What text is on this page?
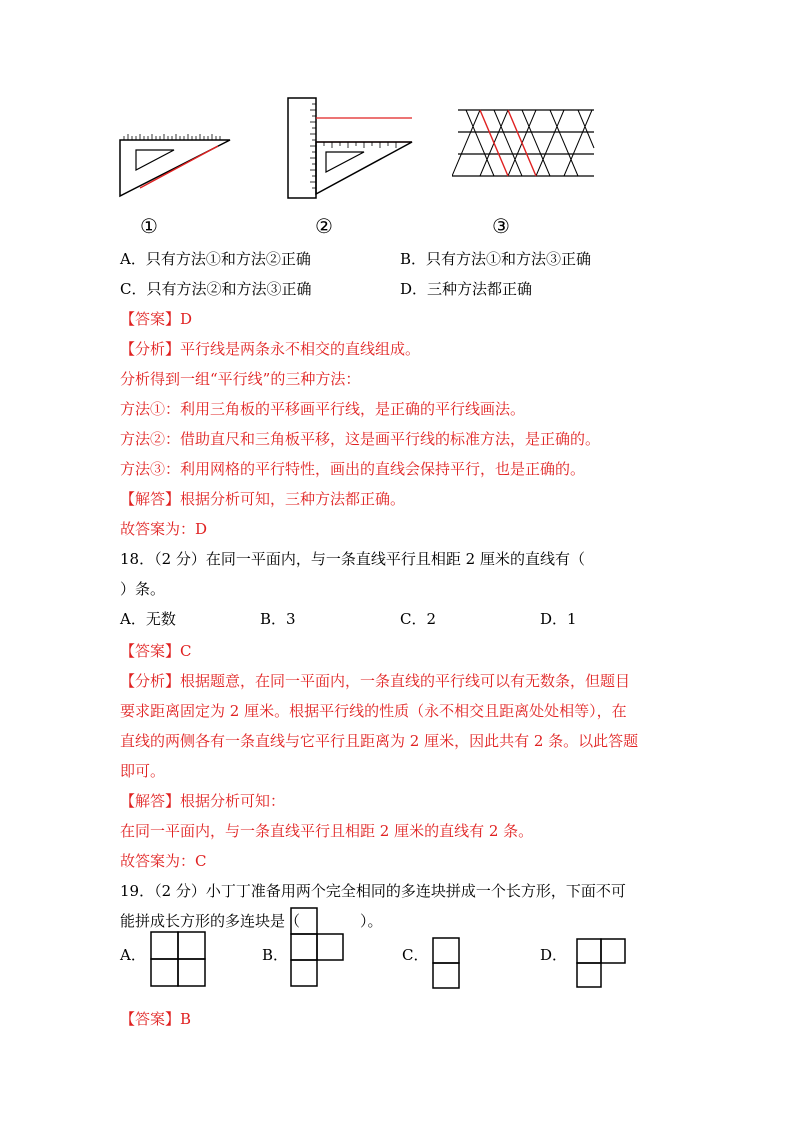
①	②	③
A．只有方法①和方法②正确	B．只有方法①和方法③正确
C．只有方法②和方法③正确	D．三种方法都正确
【答案】D
【分析】平行线是两条永不相交的直线组成。
分析得到一组“平行线”的三种方法：
方法①：利用三角板的平移画平行线，是正确的平行线画法。
方法②：借助直尺和三角板平移，这是画平行线的标准方法，是正确的。
方法③：利用网格的平行特性，画出的直线会保持平行，也是正确的。
【解答】根据分析可知，三种方法都正确。
故答案为：D
18．（2 分）在同一平面内，与一条直线平行且相距 2 厘米的直线有（
）条。
A．无数	B．3	C．2	D．1
【答案】C
【分析】根据题意，在同一平面内，一条直线的平行线可以有无数条，但题目
要求距离固定为 2 厘米。根据平行线的性质（永不相交且距离处处相等），在
直线的两侧各有一条直线与它平行且距离为 2 厘米，因此共有 2 条。以此答题
即可。
【解答】根据分析可知：
在同一平面内，与一条直线平行且相距 2 厘米的直线有 2 条。
故答案为：C
19．（2 分）小丁丁准备用两个完全相同的多连块拼成一个长方形，下面不可
能拼成长方形的多连块是（　　　　）。
A．	B．	C．	D．
【答案】B
